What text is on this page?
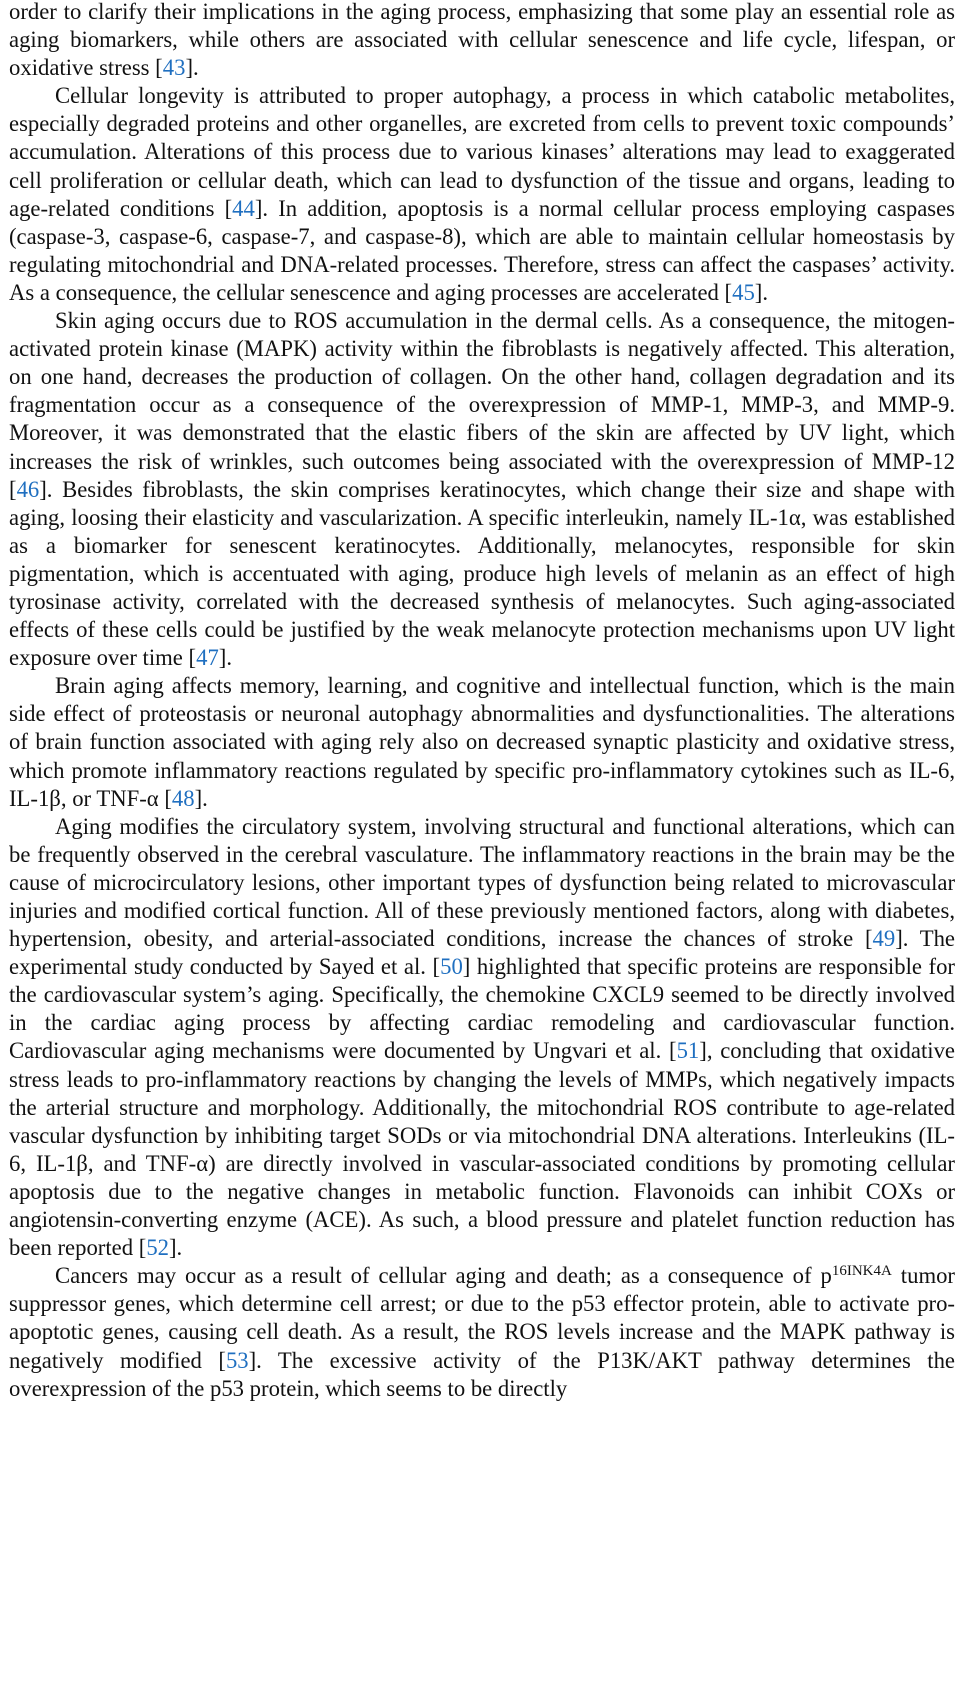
order to clarify their implications in the aging process, emphasizing that some play an essential role as aging biomarkers, while others are associated with cellular senescence and life cycle, lifespan, or oxidative stress [43].

Cellular longevity is attributed to proper autophagy, a process in which catabolic metabolites, especially degraded proteins and other organelles, are excreted from cells to prevent toxic compounds’ accumulation. Alterations of this process due to various kinases’ alterations may lead to exaggerated cell proliferation or cellular death, which can lead to dysfunction of the tissue and organs, leading to age-related conditions [44]. In addition, apoptosis is a normal cellular process employing caspases (caspase-3, caspase-6, caspase-7, and caspase-8), which are able to maintain cellular homeostasis by regulating mitochondrial and DNA-related processes. Therefore, stress can affect the caspases’ activity. As a consequence, the cellular senescence and aging processes are accelerated [45].

Skin aging occurs due to ROS accumulation in the dermal cells. As a consequence, the mitogen-activated protein kinase (MAPK) activity within the fibroblasts is negatively affected. This alteration, on one hand, decreases the production of collagen. On the other hand, collagen degradation and its fragmentation occur as a consequence of the overexpression of MMP-1, MMP-3, and MMP-9. Moreover, it was demonstrated that the elastic fibers of the skin are affected by UV light, which increases the risk of wrinkles, such outcomes being associated with the overexpression of MMP-12 [46]. Besides fibroblasts, the skin comprises keratinocytes, which change their size and shape with aging, loosing their elasticity and vascularization. A specific interleukin, namely IL-1α, was established as a biomarker for senescent keratinocytes. Additionally, melanocytes, responsible for skin pigmentation, which is accentuated with aging, produce high levels of melanin as an effect of high tyrosinase activity, correlated with the decreased synthesis of melanocytes. Such aging-associated effects of these cells could be justified by the weak melanocyte protection mechanisms upon UV light exposure over time [47].

Brain aging affects memory, learning, and cognitive and intellectual function, which is the main side effect of proteostasis or neuronal autophagy abnormalities and dysfunctionalities. The alterations of brain function associated with aging rely also on decreased synaptic plasticity and oxidative stress, which promote inflammatory reactions regulated by specific pro-inflammatory cytokines such as IL-6, IL-1β, or TNF-α [48].

Aging modifies the circulatory system, involving structural and functional alterations, which can be frequently observed in the cerebral vasculature. The inflammatory reactions in the brain may be the cause of microcirculatory lesions, other important types of dysfunction being related to microvascular injuries and modified cortical function. All of these previously mentioned factors, along with diabetes, hypertension, obesity, and arterial-associated conditions, increase the chances of stroke [49]. The experimental study conducted by Sayed et al. [50] highlighted that specific proteins are responsible for the cardiovascular system’s aging. Specifically, the chemokine CXCL9 seemed to be directly involved in the cardiac aging process by affecting cardiac remodeling and cardiovascular function. Cardiovascular aging mechanisms were documented by Ungvari et al. [51], concluding that oxidative stress leads to pro-inflammatory reactions by changing the levels of MMPs, which negatively impacts the arterial structure and morphology. Additionally, the mitochondrial ROS contribute to age-related vascular dysfunction by inhibiting target SODs or via mitochondrial DNA alterations. Interleukins (IL-6, IL-1β, and TNF-α) are directly involved in vascular-associated conditions by promoting cellular apoptosis due to the negative changes in metabolic function. Flavonoids can inhibit COXs or angiotensin-converting enzyme (ACE). As such, a blood pressure and platelet function reduction has been reported [52].

Cancers may occur as a result of cellular aging and death; as a consequence of $p^{16INK4A}$ tumor suppressor genes, which determine cell arrest; or due to the p53 effector protein, able to activate pro-apoptotic genes, causing cell death. As a result, the ROS levels increase and the MAPK pathway is negatively modified [53]. The excessive activity of the P13K/AKT pathway determines the overexpression of the p53 protein, which seems to be directly
